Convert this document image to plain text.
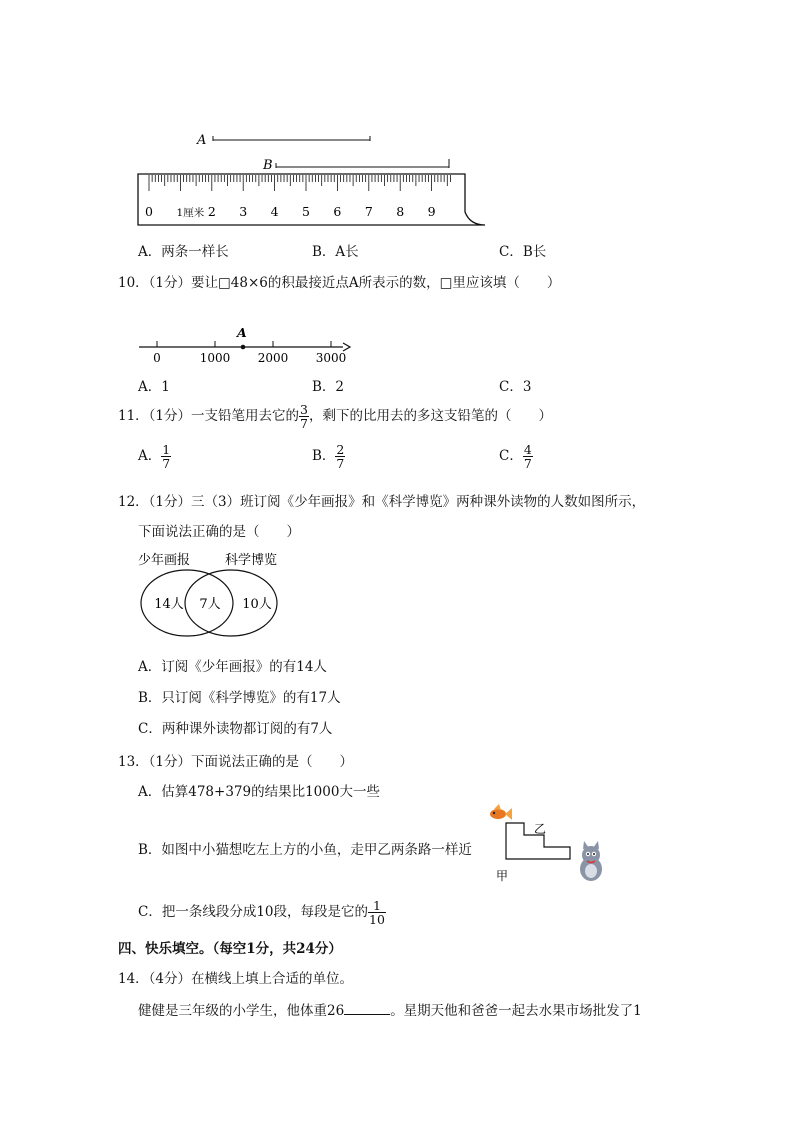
A
B
0 1厘米 2 3 4 5 6 7 8 9
A．两条一样长	B．A长	C．B长
10．（1分）要让□48×6的积最接近点A所表示的数，□里应该填（　　）
A
0	1000 2000 3000
A．1	B．2	C．3
11．（1分）一支铅笔用去它的 $\frac{3}{7}$ ，剩下的比用去的多这支铅笔的（　　）
A． $\frac{1}{7}$	B． $\frac{2}{7}$	C． $\frac{4}{7}$
12．（1分）三（3）班订阅《少年画报》和《科学博览》两种课外读物的人数如图所示，
下面说法正确的是（　　）
少年画报	科学博览
14人 7人 10人
A．订阅《少年画报》的有14人
B．只订阅《科学博览》的有17人
C．两种课外读物都订阅的有7人
13．（1分）下面说法正确的是（　　）
A．估算478+379的结果比1000大一些
B．如图中小猫想吃左上方的小鱼，走甲乙两条路一样近
乙
甲
C．把一条线段分成10段，每段是它的 $\frac{1}{10}$
四、快乐填空。（每空1分，共24分）
14．（4分）在横线上填上合适的单位。
健健是三年级的小学生，他体重26	。星期天他和爸爸一起去水果市场批发了1
